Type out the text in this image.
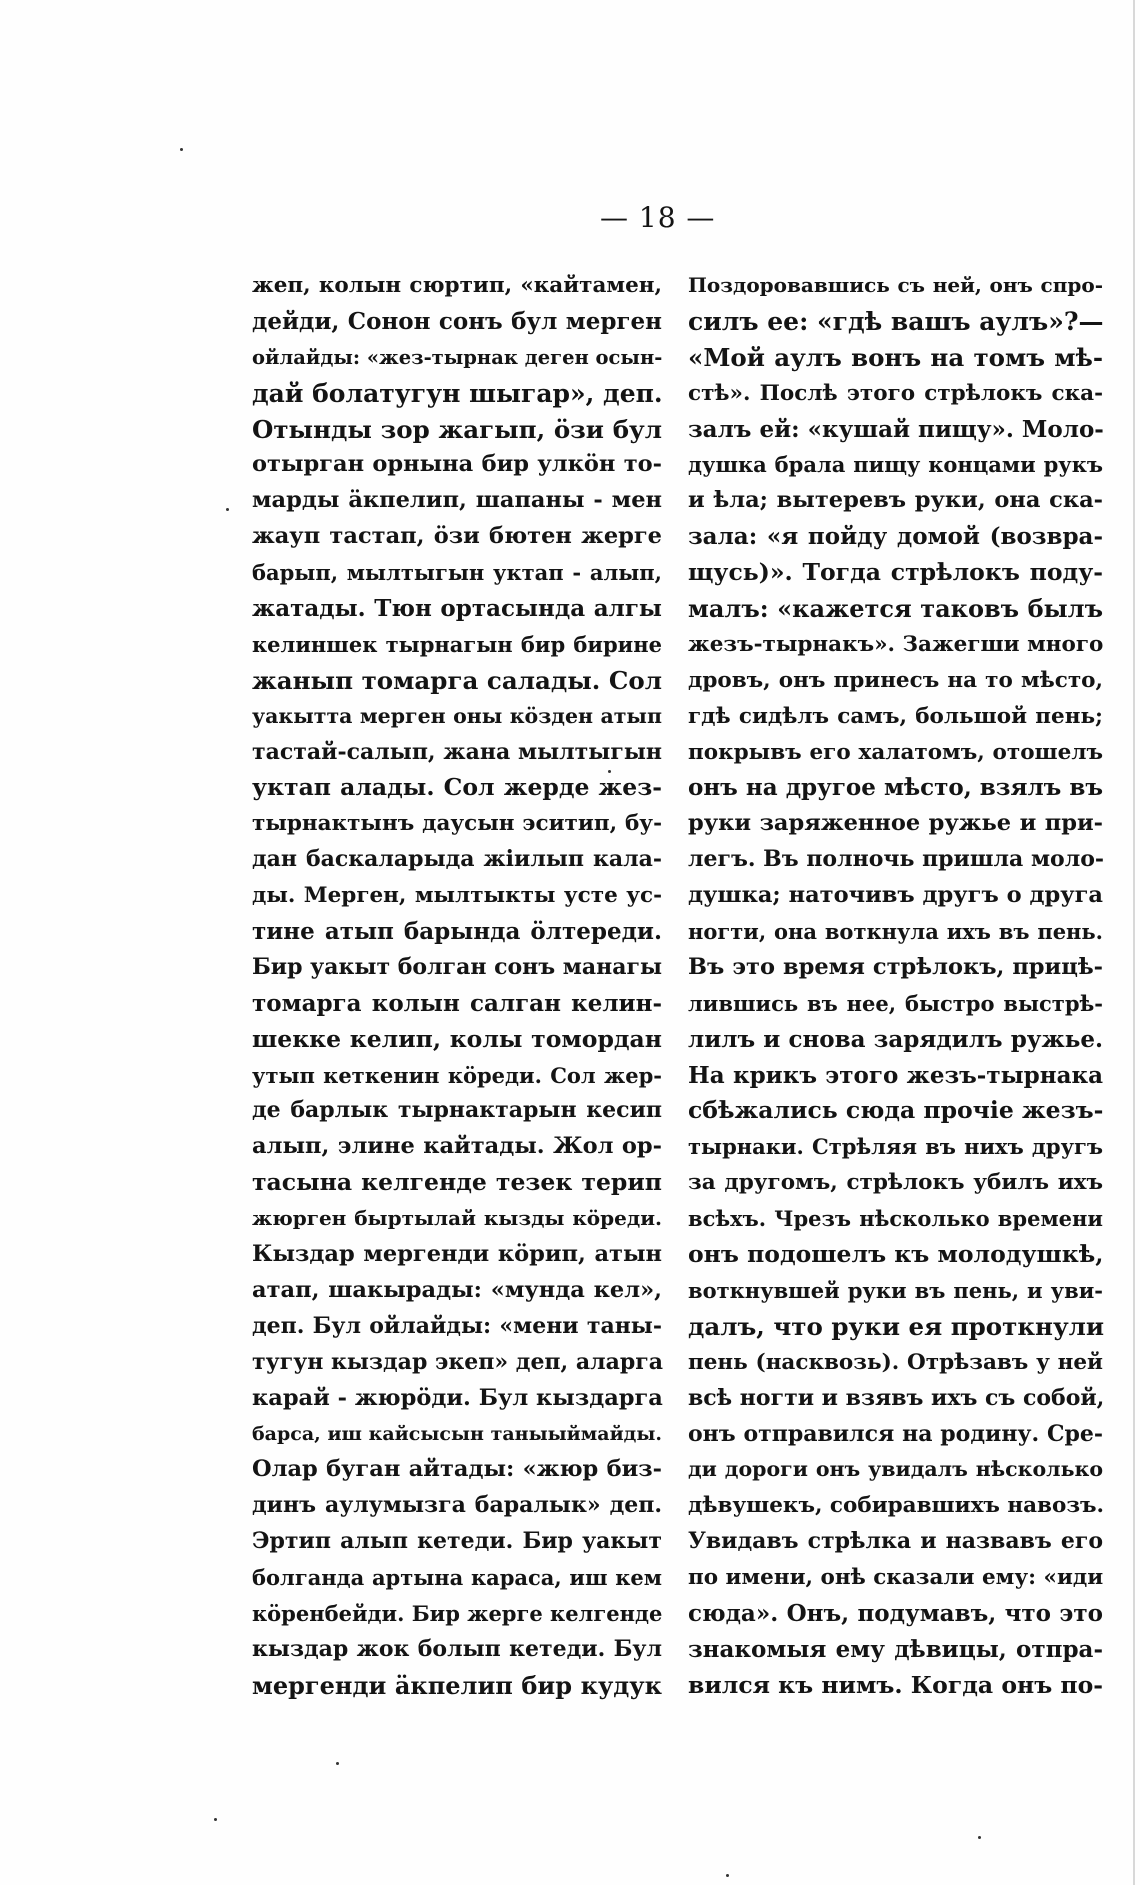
— 18 —
жеп, колын сюртип, «кайтамен,
дейди, Сонон сонъ бул мерген
ойлайды: «жез-тырнак деген осын-
дай болатугун шыгар», деп.
Отынды зор жагып, ӧзи бул
отырган орнына бир улкӧн то-
марды äкпелип, шапаны - мен
жауп тастап, ӧзи бютен жерге
барып, мылтыгын уктап - алып,
жатады. Тюн ортасында алгы
келиншек тырнагын бир бирине
жанып томарга салады. Сол
уакытта мерген оны кӧзден атып
тастай-салып, жана мылтыгын
уктап алады. Сол жерде жез-
тырнактынъ даусын эситип, бу-
дан баскаларыда жiилып кала-
ды. Мерген, мылтыкты усте ус-
тине атып барында ӧлтереди.
Бир уакыт болган сонъ манагы
томарга колын салган келин-
шекке келип, колы томордан
утып кеткенин кӧреди. Сол жер-
де барлык тырнактарын кесип
алып, элине кайтады. Жол ор-
тасына келгенде тезек терип
жюрген быртылай кызды кӧреди.
Кыздар мергенди кӧрип, атын
атап, шакырады: «мунда кел»,
деп. Бул ойлайды: «мени таны-
тугун кыздар экеп» деп, аларга
карай - жюрӧди. Бул кыздарга
барса, иш кайсысын таныыймайды.
Олар буган айтады: «жюр биз-
динъ аулумызга баралык» деп.
Эртип алып кетеди. Бир уакыт
болганда артына караса, иш кем
кӧренбейди. Бир жерге келгенде
кыздар жок болып кетеди. Бул
мергенди äкпелип бир кудук
Поздоровавшись съ ней, онъ спро-
силъ ее: «гдѣ вашъ аулъ»?—
«Мой аулъ вонъ на томъ мѣ-
стѣ». Послѣ этого стрѣлокъ ска-
залъ ей: «кушай пищу». Моло-
душка брала пищу концами рукъ
и ѣла; вытеревъ руки, она ска-
зала: «я пойду домой (возвра-
щусь)». Тогда стрѣлокъ поду-
малъ: «кажется таковъ былъ
жезъ-тырнакъ». Зажегши много
дровъ, онъ принесъ на то мѣсто,
гдѣ сидѣлъ самъ, большой пень;
покрывъ его халатомъ, отошелъ
онъ на другое мѣсто, взялъ въ
руки заряженное ружье и при-
легъ. Въ полночь пришла моло-
душка; наточивъ другъ о друга
ногти, она воткнула ихъ въ пень.
Въ это время стрѣлокъ, прицѣ-
лившись въ нее, быстро выстрѣ-
лилъ и снова зарядилъ ружье.
На крикъ этого жезъ-тырнака
сбѣжались сюда прочіе жезъ-
тырнаки. Стрѣляя въ нихъ другъ
за другомъ, стрѣлокъ убилъ ихъ
всѣхъ. Чрезъ нѣсколько времени
онъ подошелъ къ молодушкѣ,
воткнувшей руки въ пень, и уви-
далъ, что руки ея проткнули
пень (насквозь). Отрѣзавъ у ней
всѣ ногти и взявъ ихъ съ собой,
онъ отправился на родину. Сре-
ди дороги онъ увидалъ нѣсколько
дѣвушекъ, собиравшихъ навозъ.
Увидавъ стрѣлка и назвавъ его
по имени, онѣ сказали ему: «иди
сюда». Онъ, подумавъ, что это
знакомыя ему дѣвицы, отпра-
вился къ нимъ. Когда онъ по-
